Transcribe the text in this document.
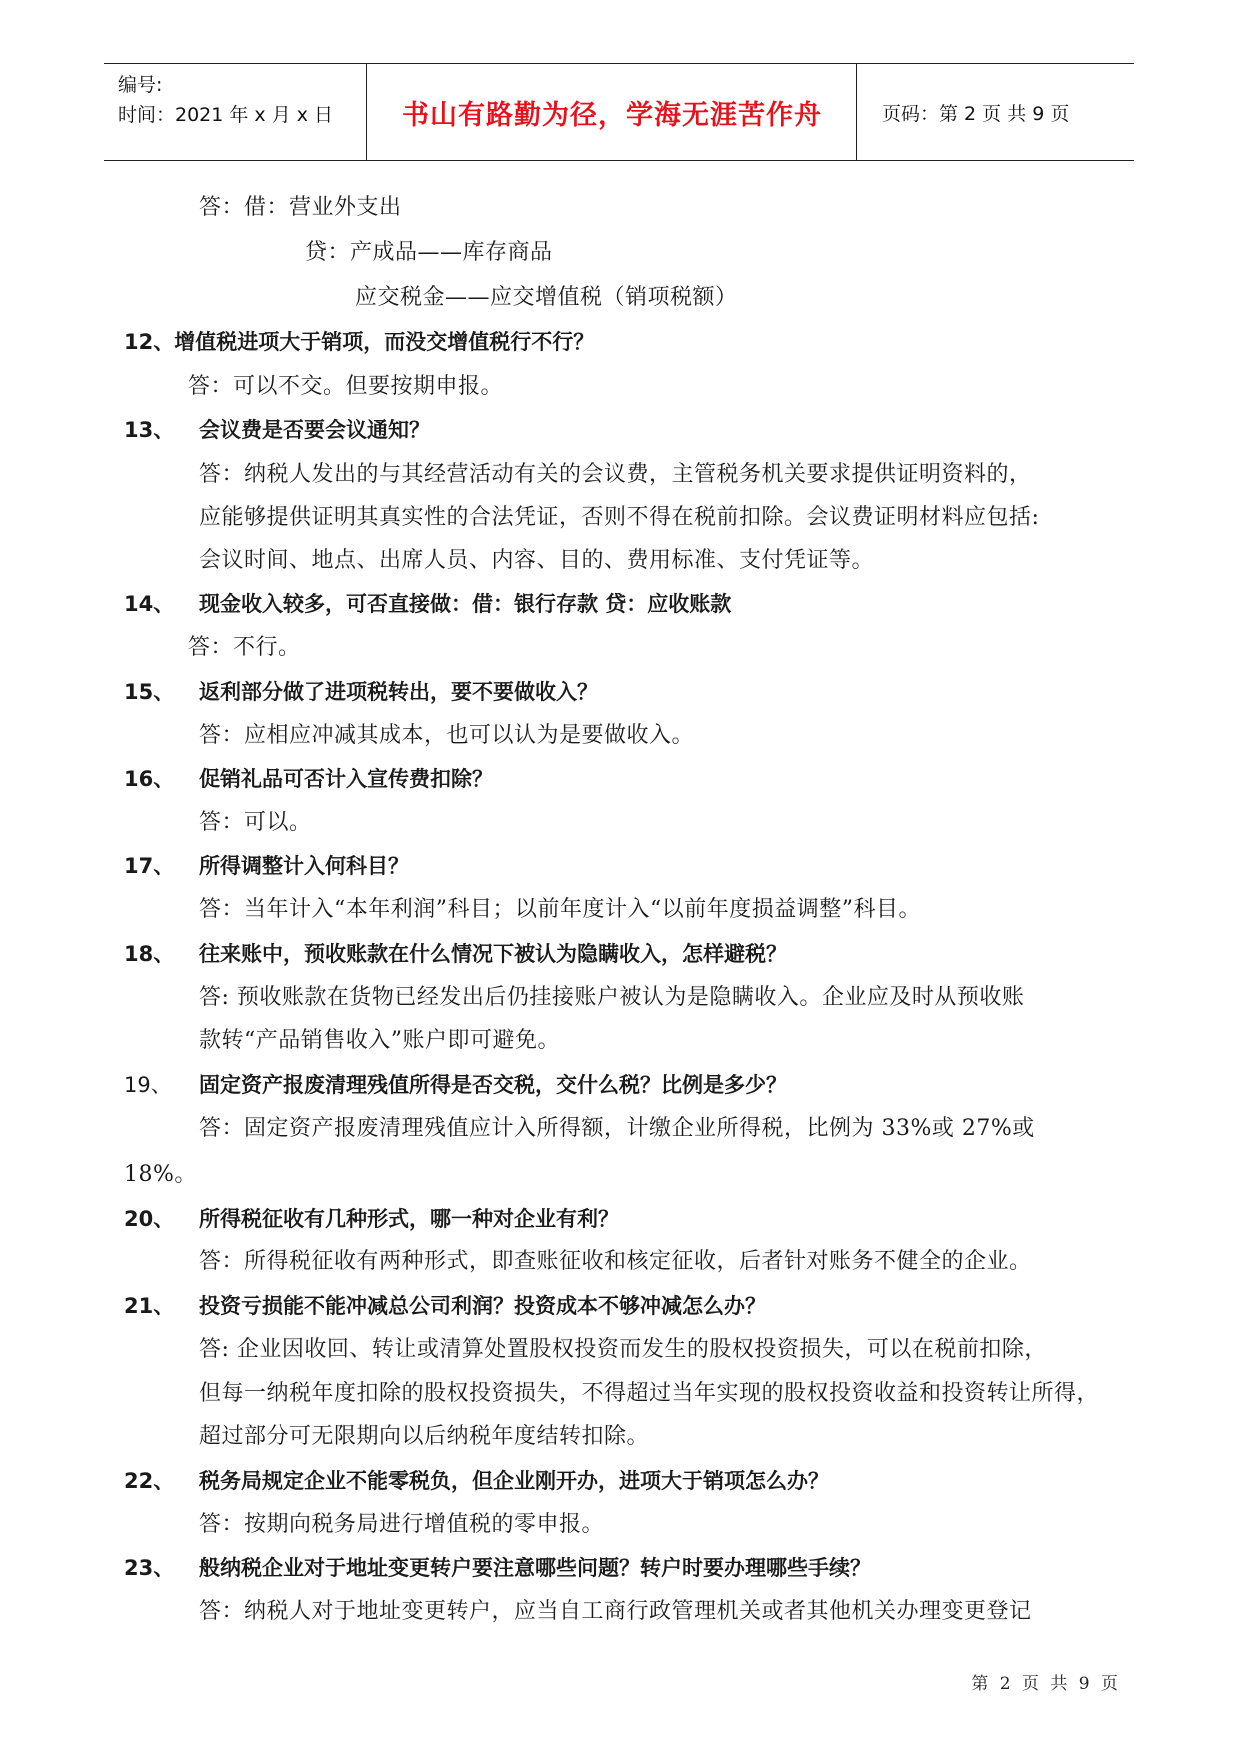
编号:
时间：2021 年 x 月 x 日	书山有路勤为径，学海无涯苦作舟	页码：第 2 页 共 9 页
答：借：营业外支出
贷：产成品——库存商品
应交税金——应交增值税（销项税额）
12、增值税进项大于销项，而没交增值税行不行？
答：可以不交。但要按期申报。
13、 会议费是否要会议通知？
答：纳税人发出的与其经营活动有关的会议费，主管税务机关要求提供证明资料的，
应能够提供证明其真实性的合法凭证，否则不得在税前扣除。会议费证明材料应包括:
会议时间、地点、出席人员、内容、目的、费用标准、支付凭证等。
14、 现金收入较多，可否直接做：借：银行存款 贷：应收账款
答：不行。
15、 返利部分做了进项税转出，要不要做收入？
答：应相应冲减其成本，也可以认为是要做收入。
16、 促销礼品可否计入宣传费扣除？
答：可以。
17、 所得调整计入何科目？
答：当年计入“本年利润”科目；以前年度计入“以前年度损益调整”科目。
18、 往来账中，预收账款在什么情况下被认为隐瞒收入，怎样避税？
答: 预收账款在货物已经发出后仍挂接账户被认为是隐瞒收入。企业应及时从预收账
款转“产品销售收入”账户即可避免。
19、 固定资产报废清理残值所得是否交税，交什么税？比例是多少？
答：固定资产报废清理残值应计入所得额，计缴企业所得税，比例为 33%或 27%或
18%。
20、 所得税征收有几种形式，哪一种对企业有利？
答：所得税征收有两种形式，即查账征收和核定征收，后者针对账务不健全的企业。
21、 投资亏损能不能冲减总公司利润？投资成本不够冲减怎么办？
答: 企业因收回、转让或清算处置股权投资而发生的股权投资损失，可以在税前扣除，
但每一纳税年度扣除的股权投资损失，不得超过当年实现的股权投资收益和投资转让所得，
超过部分可无限期向以后纳税年度结转扣除。
22、 税务局规定企业不能零税负，但企业刚开办，进项大于销项怎么办？
答：按期向税务局进行增值税的零申报。
23、 般纳税企业对于地址变更转户要注意哪些问题？转户时要办理哪些手续？
答：纳税人对于地址变更转户，应当自工商行政管理机关或者其他机关办理变更登记
第 2 页 共 9 页
